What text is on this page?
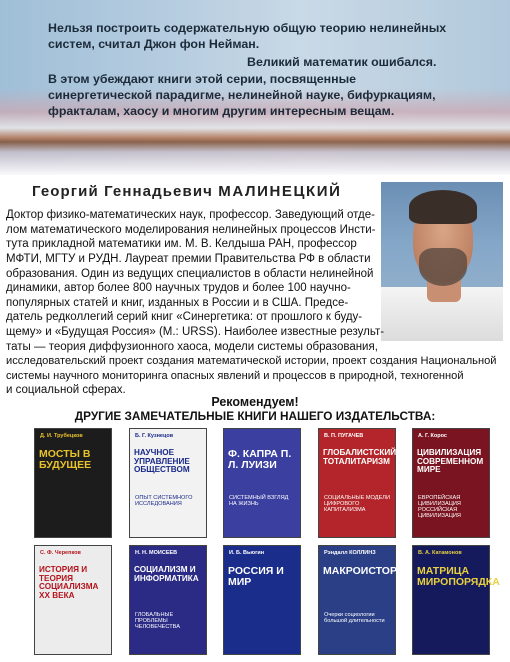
Нельзя построить содержательную общую теорию нелинейных
систем, считал Джон фон Нейман.
Великий математик ошибался.
В этом убеждают книги этой серии, посвященные
синергетической парадигме, нелинейной науке, бифуркациям,
фракталам, хаосу и многим другим интересным вещам.
Георгий Геннадьевич МАЛИНЕЦКИЙ
Доктор физико-математических наук, профессор. Заведующий отде-
лом математического моделирования нелинейных процессов Инсти-
тута прикладной математики им. М. В. Келдыша РАН, профессор
МФТИ, МГТУ и РУДН. Лауреат премии Правительства РФ в области
образования. Один из ведущих специалистов в области нелинейной
динамики, автор более 800 научных трудов и более 100 научно-
популярных статей и книг, изданных в России и в США. Предсе-
датель редколлегий серий книг «Синергетика: от прошлого к буду-
щему» и «Будущая Россия» (М.: URSS). Наиболее известные результ-
таты — теория диффузионного хаоса, модели системы образования,
исследовательский проект создания математической истории, проект создания Национальной
системы научного мониторинга опасных явлений и процессов в природной, техногенной
и социальной сферах.
Рекомендуем!
ДРУГИЕ ЗАМЕЧАТЕЛЬНЫЕ КНИГИ НАШЕГО ИЗДАТЕЛЬСТВА:
Д. И. Трубецков
МОСТЫ В БУДУЩЕЕ
Б. Г. Кузнецов
НАУЧНОЕ УПРАВЛЕНИЕ ОБЩЕСТВОМ
ОПЫТ СИСТЕМНОГО ИССЛЕДОВАНИЯ
Ф. КАПРА П. Л. ЛУИЗИ
СИСТЕМНЫЙ ВЗГЛЯД НА ЖИЗНЬ
В. П. ПУГАЧЕВ
ГЛОБАЛИСТСКИЙ ТОТАЛИТАРИЗМ
СОЦИАЛЬНЫЕ МОДЕЛИ ЦИФРОВОГО КАПИТАЛИЗМА
А. Г. Корос
ЦИВИЛИЗАЦИЯ СОВРЕМЕННОМ МИРЕ
ЕВРОПЕЙСКАЯ ЦИВИЛИЗАЦИЯ РОССИЙСКАЯ ЦИВИЛИЗАЦИЯ
С. Ф. Черепков
ИСТОРИЯ И ТЕОРИЯ СОЦИАЛИЗМА XX ВЕКА
Н. Н. МОИСЕЕВ
СОЦИАЛИЗМ И ИНФОРМАТИКА
ГЛОБАЛЬНЫЕ ПРОБЛЕМЫ ЧЕЛОВЕЧЕСТВА
И. Б. Вьюгин
РОССИЯ И МИР
Рэндалл КОЛЛИНЗ
МАКРОИСТОРИЯ
Очерки социологии большой длительности
В. А. Катамонов
МАТРИЦА МИРОПОРЯДКА
